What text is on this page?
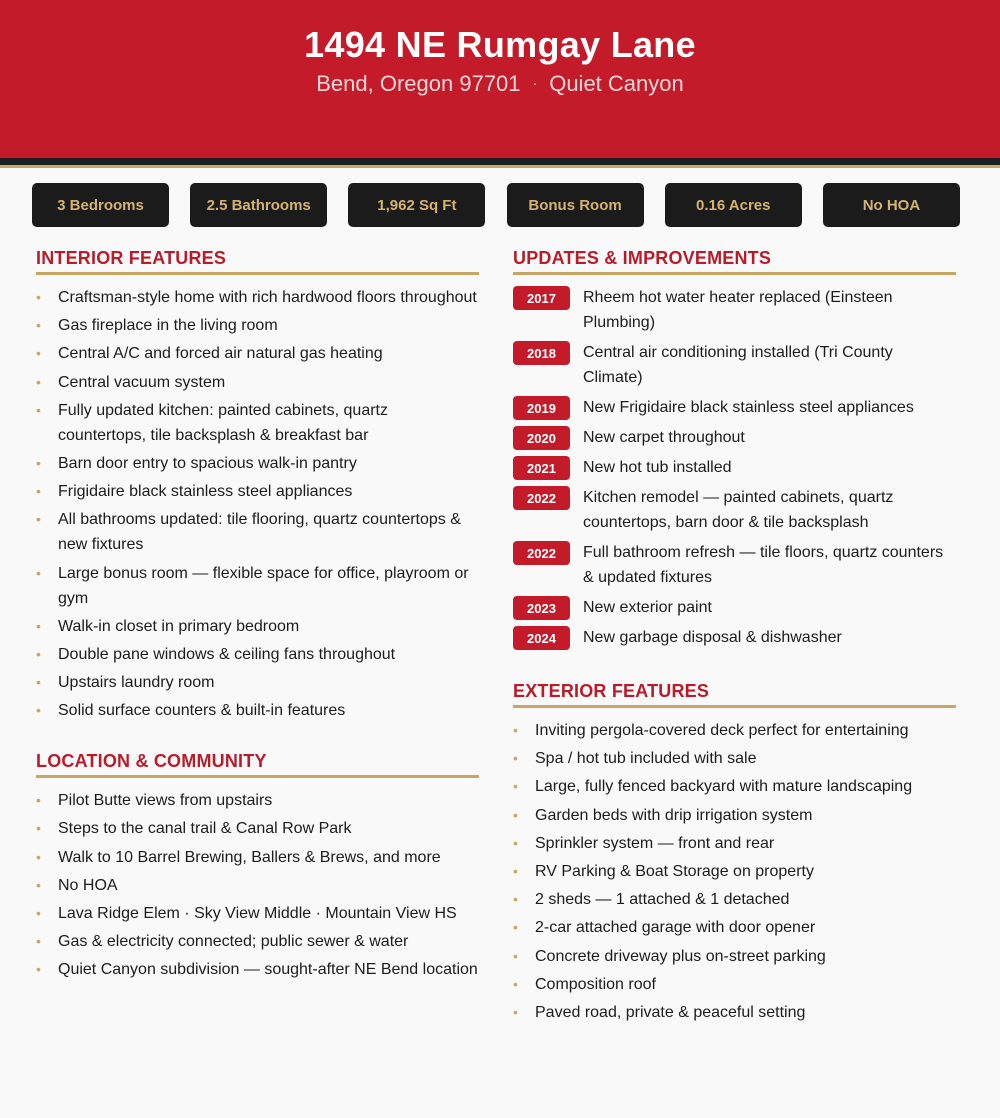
1494 NE Rumgay Lane
Bend, Oregon 97701 · Quiet Canyon
3 Bedrooms	2.5 Bathrooms	1,962 Sq Ft	Bonus Room	0.16 Acres	No HOA
INTERIOR FEATURES
• Craftsman-style home with rich hardwood floors throughout
• Gas fireplace in the living room
• Central A/C and forced air natural gas heating
• Central vacuum system
• Fully updated kitchen: painted cabinets, quartz countertops, tile backsplash & breakfast bar
• Barn door entry to spacious walk-in pantry
• Frigidaire black stainless steel appliances
• All bathrooms updated: tile flooring, quartz countertops & new fixtures
• Large bonus room — flexible space for office, playroom or gym
• Walk-in closet in primary bedroom
• Double pane windows & ceiling fans throughout
• Upstairs laundry room
• Solid surface counters & built-in features
LOCATION & COMMUNITY
• Pilot Butte views from upstairs
• Steps to the canal trail & Canal Row Park
• Walk to 10 Barrel Brewing, Ballers & Brews, and more
• No HOA
• Lava Ridge Elem · Sky View Middle · Mountain View HS
• Gas & electricity connected; public sewer & water
• Quiet Canyon subdivision — sought-after NE Bend location
UPDATES & IMPROVEMENTS
2017	Rheem hot water heater replaced (Einsteen Plumbing)
2018	Central air conditioning installed (Tri County Climate)
2019	New Frigidaire black stainless steel appliances
2020	New carpet throughout
2021	New hot tub installed
2022	Kitchen remodel — painted cabinets, quartz countertops, barn door & tile backsplash
2022	Full bathroom refresh — tile floors, quartz counters & updated fixtures
2023	New exterior paint
2024	New garbage disposal & dishwasher
EXTERIOR FEATURES
• Inviting pergola-covered deck perfect for entertaining
• Spa / hot tub included with sale
• Large, fully fenced backyard with mature landscaping
• Garden beds with drip irrigation system
• Sprinkler system — front and rear
• RV Parking & Boat Storage on property
• 2 sheds — 1 attached & 1 detached
• 2-car attached garage with door opener
• Concrete driveway plus on-street parking
• Composition roof
• Paved road, private & peaceful setting
